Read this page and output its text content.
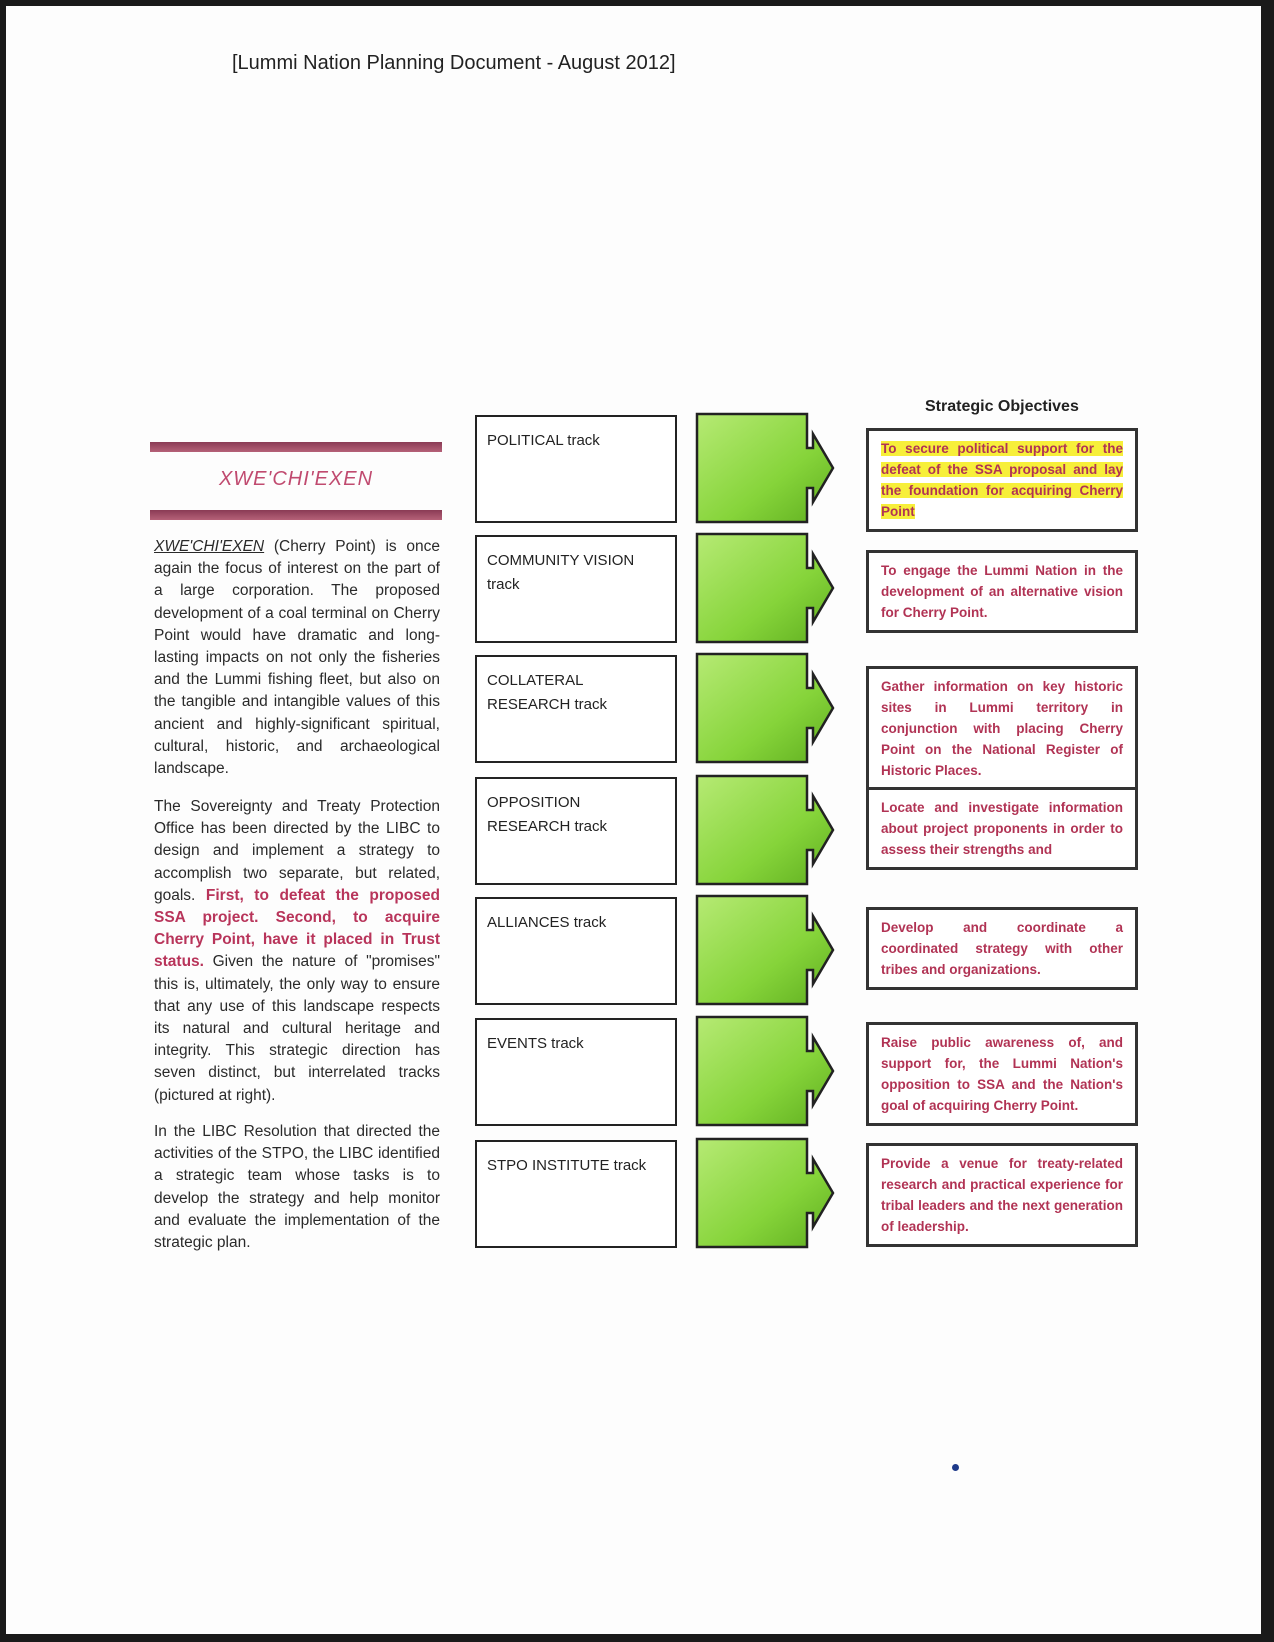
[Lummi Nation Planning Document - August 2012]
XWE'CHI'EXEN

XWE'CHI'EXEN (Cherry Point) is once again the focus of interest on the part of a large corporation. The proposed development of a coal terminal on Cherry Point would have dramatic and long-lasting impacts on not only the fisheries and the Lummi fishing fleet, but also on the tangible and intangible values of this ancient and highly-significant spiritual, cultural, historic, and archaeological landscape.

The Sovereignty and Treaty Protection Office has been directed by the LIBC to design and implement a strategy to accomplish two separate, but related, goals. First, to defeat the proposed SSA project. Second, to acquire Cherry Point, have it placed in Trust status. Given the nature of "promises" this is, ultimately, the only way to ensure that any use of this landscape respects its natural and cultural heritage and integrity. This strategic direction has seven distinct, but interrelated tracks (pictured at right).

In the LIBC Resolution that directed the activities of the STPO, the LIBC identified a strategic team whose tasks is to develop the strategy and help monitor and evaluate the implementation of the strategic plan.

Strategic Objectives
POLITICAL track
COMMUNITY VISION track
COLLATERAL RESEARCH track
OPPOSITION RESEARCH track
ALLIANCES track
EVENTS track
STPO INSTITUTE track
To secure political support for the defeat of the SSA proposal and lay the foundation for acquiring Cherry Point
To engage the Lummi Nation in the development of an alternative vision for Cherry Point.
Gather information on key historic sites in Lummi territory in conjunction with placing Cherry Point on the National Register of Historic Places.
Locate and investigate information about project proponents in order to assess their strengths and
Develop and coordinate a coordinated strategy with other tribes and organizations.
Raise public awareness of, and support for, the Lummi Nation's opposition to SSA and the Nation's goal of acquiring Cherry Point.
Provide a venue for treaty-related research and practical experience for tribal leaders and the next generation of leadership.
